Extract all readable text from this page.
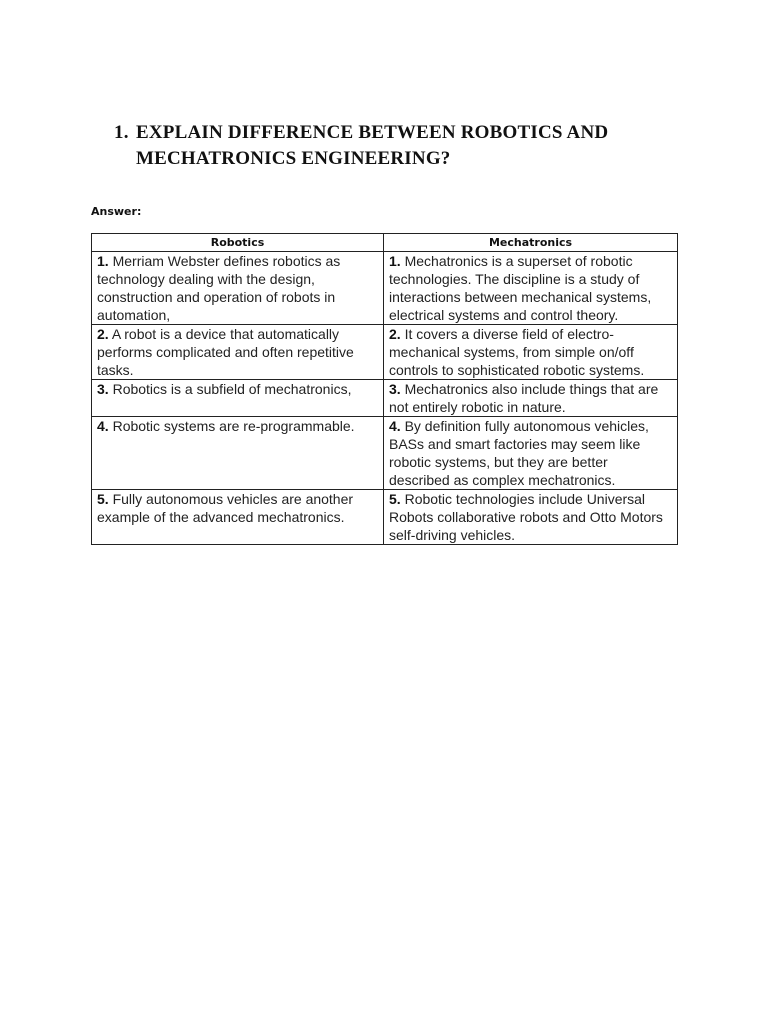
1. EXPLAIN DIFFERENCE BETWEEN ROBOTICS AND MECHATRONICS ENGINEERING?
Answer:
Robotics	Mechatronics
1. Merriam Webster defines robotics as technology dealing with the design, construction and operation of robots in automation,	1. Mechatronics is a superset of robotic technologies. The discipline is a study of interactions between mechanical systems, electrical systems and control theory.
2. A robot is a device that automatically performs complicated and often repetitive tasks.	2. It covers a diverse field of electro-mechanical systems, from simple on/off controls to sophisticated robotic systems.
3. Robotics is a subfield of mechatronics,	3. Mechatronics also include things that are not entirely robotic in nature.
4. Robotic systems are re-programmable.	4. By definition fully autonomous vehicles, BASs and smart factories may seem like robotic systems, but they are better described as complex mechatronics.
5. Fully autonomous vehicles are another example of the advanced mechatronics.	5. Robotic technologies include Universal Robots collaborative robots and Otto Motors self-driving vehicles.
